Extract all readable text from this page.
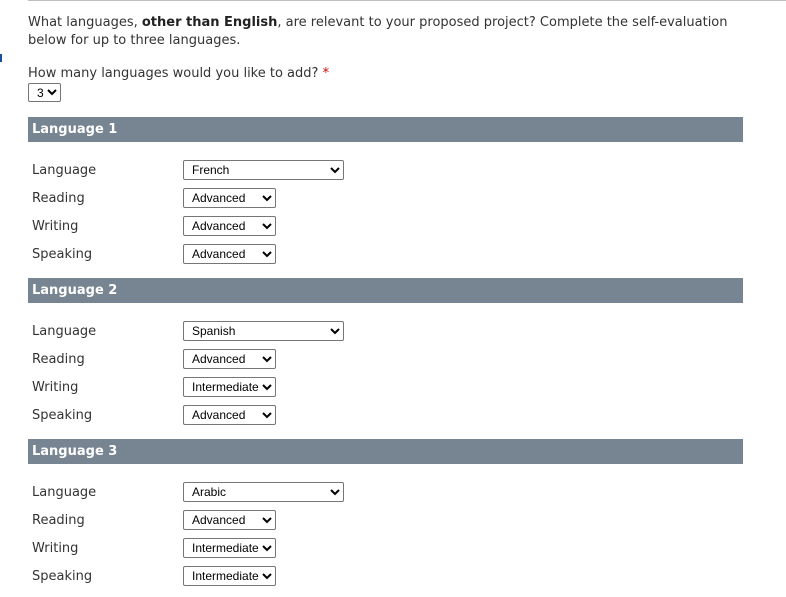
What languages, other than English, are relevant to your proposed project? Complete the self-evaluation below for up to three languages.
How many languages would you like to add? *
3
Language 1
Language
French
Reading
Advanced
Writing
Advanced
Speaking
Advanced
Language 2
Language
Spanish
Reading
Advanced
Writing
Intermediate
Speaking
Advanced
Language 3
Language
Arabic
Reading
Advanced
Writing
Intermediate
Speaking
Intermediate
